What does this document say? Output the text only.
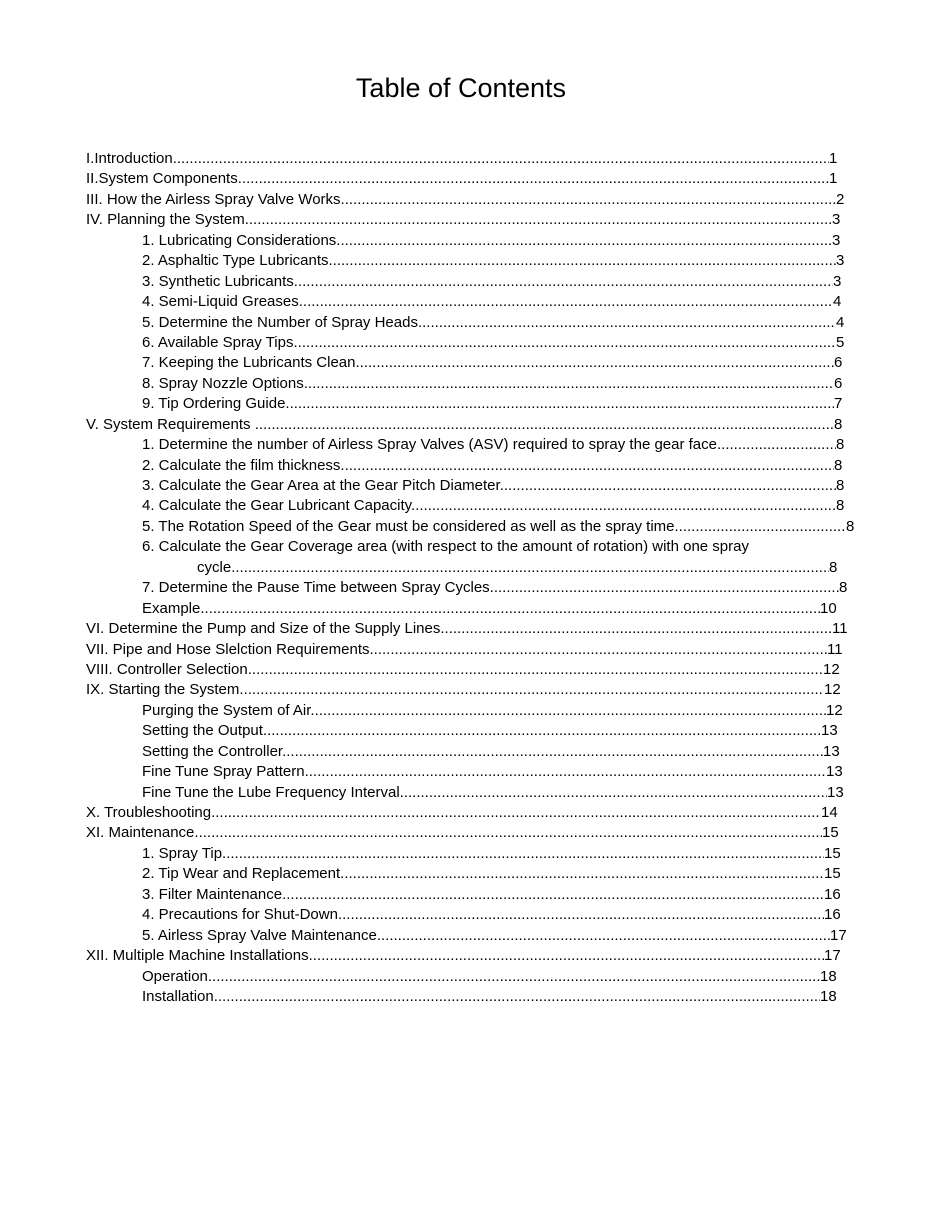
Table of Contents
I.Introduction .....	1
II.System Components .....	1
III. How the Airless Spray Valve Works .....	2
IV. Planning the System .....	3
1. Lubricating Considerations .....	3
2. Asphaltic Type Lubricants .....	3
3. Synthetic Lubricants .....	3
4. Semi-Liquid Greases .....	4
5. Determine the Number of Spray Heads .....	4
6. Available Spray Tips .....	5
7. Keeping the Lubricants Clean .....	6
8. Spray Nozzle Options .....	6
9. Tip Ordering Guide .....	7
V. System Requirements .....	8
1. Determine the number of Airless Spray Valves (ASV) required to spray the gear face .....	8
2. Calculate the film thickness .....	8
3. Calculate the Gear Area at the Gear Pitch Diameter .....	8
4. Calculate the Gear Lubricant Capacity .....	8
5. The Rotation Speed of the Gear must be considered as well as the spray time .....	8
6. Calculate the Gear Coverage area (with respect to the amount of rotation) with one spray
cycle .....	8
7. Determine the Pause Time between Spray Cycles .....	8
Example .....	10
VI. Determine the Pump and Size of the Supply Lines .....	11
VII. Pipe and Hose Slelction Requirements .....	11
VIII. Controller Selection .....	12
IX. Starting the System .....	12
Purging the System of Air .....	12
Setting the Output .....	13
Setting the Controller .....	13
Fine Tune Spray Pattern .....	13
Fine Tune the Lube Frequency Interval .....	13
X. Troubleshooting .....	14
XI. Maintenance .....	15
1. Spray Tip .....	15
2. Tip Wear and Replacement .....	15
3. Filter Maintenance .....	16
4. Precautions for Shut-Down .....	16
5. Airless Spray Valve Maintenance .....	17
XII. Multiple Machine Installations .....	17
Operation .....	18
Installation .....	18
